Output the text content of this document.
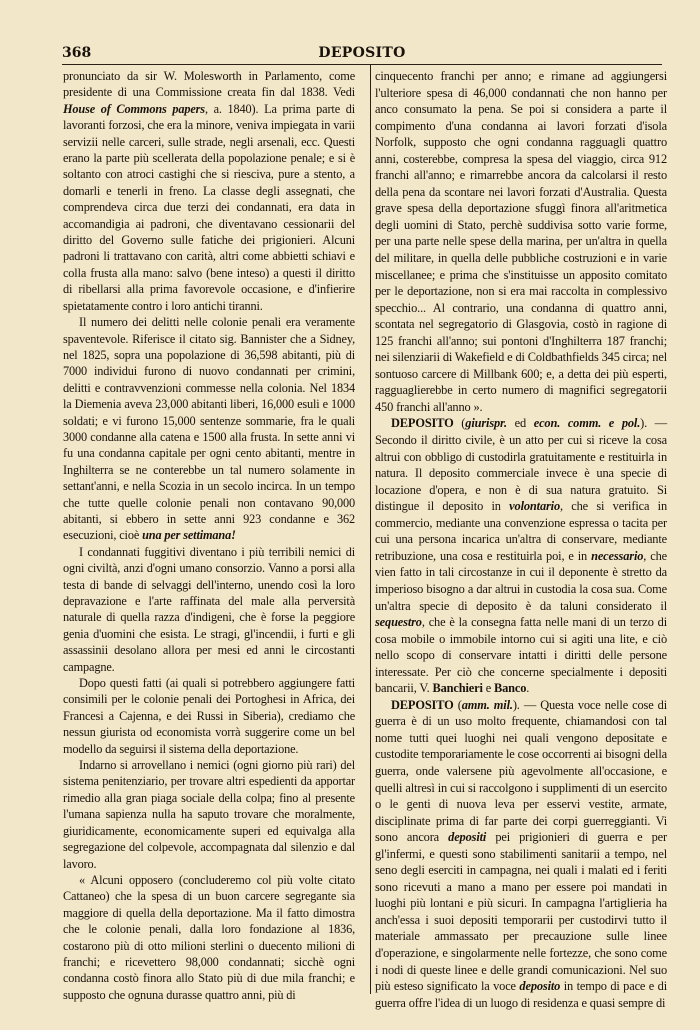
368	DEPOSITO

pronunciato da sir W. Molesworth in Parlamento, come presidente di una Commissione creata fin dal 1838. Vedi House of Commons papers, a. 1840). La prima parte di lavoranti forzosi, che era la minore, veniva impiegata in varii servizii nelle carceri, sulle strade, negli arsenali, ecc. Questi erano la parte più scellerata della popolazione penale; e si è soltanto con atroci castighi che si riesciva, pure a stento, a domarli e tenerli in freno. La classe degli assegnati, che comprendeva circa due terzi dei condannati, era data in accomandigia ai padroni, che diventavano cessionarii del diritto del Governo sulle fatiche dei prigionieri. Alcuni padroni li trattavano con carità, altri come abbietti schiavi e colla frusta alla mano: salvo (bene inteso) a questi il diritto di ribellarsi alla prima favorevole occasione, e d'infierire spietatamente contro i loro antichi tiranni.

Il numero dei delitti nelle colonie penali era veramente spaventevole. Riferisce il citato sig. Bannister che a Sidney, nel 1825, sopra una popolazione di 36,598 abitanti, più di 7000 individui furono di nuovo condannati per crimini, delitti e contravvenzioni commesse nella colonia. Nel 1834 la Diemenia aveva 23,000 abitanti liberi, 16,000 esuli e 1000 soldati; e vi furono 15,000 sentenze sommarie, fra le quali 3000 condanne alla catena e 1500 alla frusta. In sette anni vi fu una condanna capitale per ogni cento abitanti, mentre in Inghilterra se ne conterebbe un tal numero solamente in settant'anni, e nella Scozia in un secolo incirca. In un tempo che tutte quelle colonie penali non contavano 90,000 abitanti, si ebbero in sette anni 923 condanne e 362 esecuzioni, cioè una per settimana!

I condannati fuggitivi diventano i più terribili nemici di ogni civiltà, anzi d'ogni umano consorzio. Vanno a porsi alla testa di bande di selvaggi dell'interno, unendo così la loro depravazione e l'arte raffinata del male alla perversità naturale di quella razza d'indigeni, che è forse la peggiore genia d'uomini che esista. Le stragi, gl'incendii, i furti e gli assassinii desolano allora per mesi ed anni le circostanti campagne.

Dopo questi fatti (ai quali si potrebbero aggiungere fatti consimili per le colonie penali dei Portoghesi in Africa, dei Francesi a Cajenna, e dei Russi in Siberia), crediamo che nessun giurista od economista vorrà suggerire come un bel modello da seguirsi il sistema della deportazione.

Indarno si arrovellano i nemici (ogni giorno più rari) del sistema penitenziario, per trovare altri espedienti da apportar rimedio alla gran piaga sociale della colpa; fino al presente l'umana sapienza nulla ha saputo trovare che moralmente, giuridicamente, economicamente superi ed equivalga alla segregazione del colpevole, accompagnata dal silenzio e dal lavoro.

« Alcuni opposero (concluderemo col più volte citato Cattaneo) che la spesa di un buon carcere segregante sia maggiore di quella della deportazione. Ma il fatto dimostra che le colonie penali, dalla loro fondazione al 1836, costarono più di otto milioni sterlini o duecento milioni di franchi; e ricevettero 98,000 condannati; sicchè ogni condanna costò finora allo Stato più di due mila franchi; e supposto che ognuna durasse quattro anni, più di

cinquecento franchi per anno; e rimane ad aggiungersi l'ulteriore spesa di 46,000 condannati che non hanno per anco consumato la pena. Se poi si considera a parte il compimento d'una condanna ai lavori forzati d'isola Norfolk, supposto che ogni condanna ragguagli quattro anni, costerebbe, compresa la spesa del viaggio, circa 912 franchi all'anno; e rimarrebbe ancora da calcolarsi il resto della pena da scontare nei lavori forzati d'Australia. Questa grave spesa della deportazione sfuggì finora all'aritmetica degli uomini di Stato, perchè suddivisa sotto varie forme, per una parte nelle spese della marina, per un'altra in quella del militare, in quella delle pubbliche costruzioni e in varie miscellanee; e prima che s'instituisse un apposito comitato per le deportazione, non si era mai raccolta in complessivo specchio... Al contrario, una condanna di quattro anni, scontata nel segregatorio di Glasgovia, costò in ragione di 125 franchi all'anno; sui pontoni d'Inghilterra 187 franchi; nei silenziarii di Wakefield e di Coldbathfields 345 circa; nel sontuoso carcere di Millbank 600; e, a detta dei più esperti, ragguaglierebbe in certo numero di magnifici segregatorii 450 franchi all'anno ».

DEPOSITO (giurispr. ed econ. comm. e pol.). — Secondo il diritto civile, è un atto per cui si riceve la cosa altrui con obbligo di custodirla gratuitamente e restituirla in natura. Il deposito commerciale invece è una specie di locazione d'opera, e non è di sua natura gratuito. Si distingue il deposito in volontario, che si verifica in commercio, mediante una convenzione espressa o tacita per cui una persona incarica un'altra di conservare, mediante retribuzione, una cosa e restituirla poi, e in necessario, che vien fatto in tali circostanze in cui il deponente è stretto da imperioso bisogno a dar altrui in custodia la cosa sua. Come un'altra specie di deposito è da taluni considerato il sequestro, che è la consegna fatta nelle mani di un terzo di cosa mobile o immobile intorno cui si agiti una lite, e ciò nello scopo di conservare intatti i diritti delle persone interessate. Per ciò che concerne specialmente i depositi bancarii, V. Banchieri e Banco.

DEPOSITO (amm. mil.). — Questa voce nelle cose di guerra è di un uso molto frequente, chiamandosi con tal nome tutti quei luoghi nei quali vengono depositate e custodite temporariamente le cose occorrenti ai bisogni della guerra, onde valersene più agevolmente all'occasione, e quelli altresì in cui si raccolgono i supplimenti di un esercito o le genti di nuova leva per esservi vestite, armate, disciplinate prima di far parte dei corpi guerreggianti. Vi sono ancora depositi pei prigionieri di guerra e per gl'infermi, e questi sono stabilimenti sanitarii a tempo, nel seno degli eserciti in campagna, nei quali i malati ed i feriti sono ricevuti a mano a mano per essere poi mandati in luoghi più lontani e più sicuri. In campagna l'artiglieria ha anch'essa i suoi depositi temporarii per custodirvi tutto il materiale ammassato per precauzione sulle linee d'operazione, e singolarmente nelle fortezze, che sono come i nodi di queste linee e delle grandi comunicazioni. Nel suo più esteso significato la voce deposito in tempo di pace e di guerra offre l'idea di un luogo di residenza e quasi sempre di
